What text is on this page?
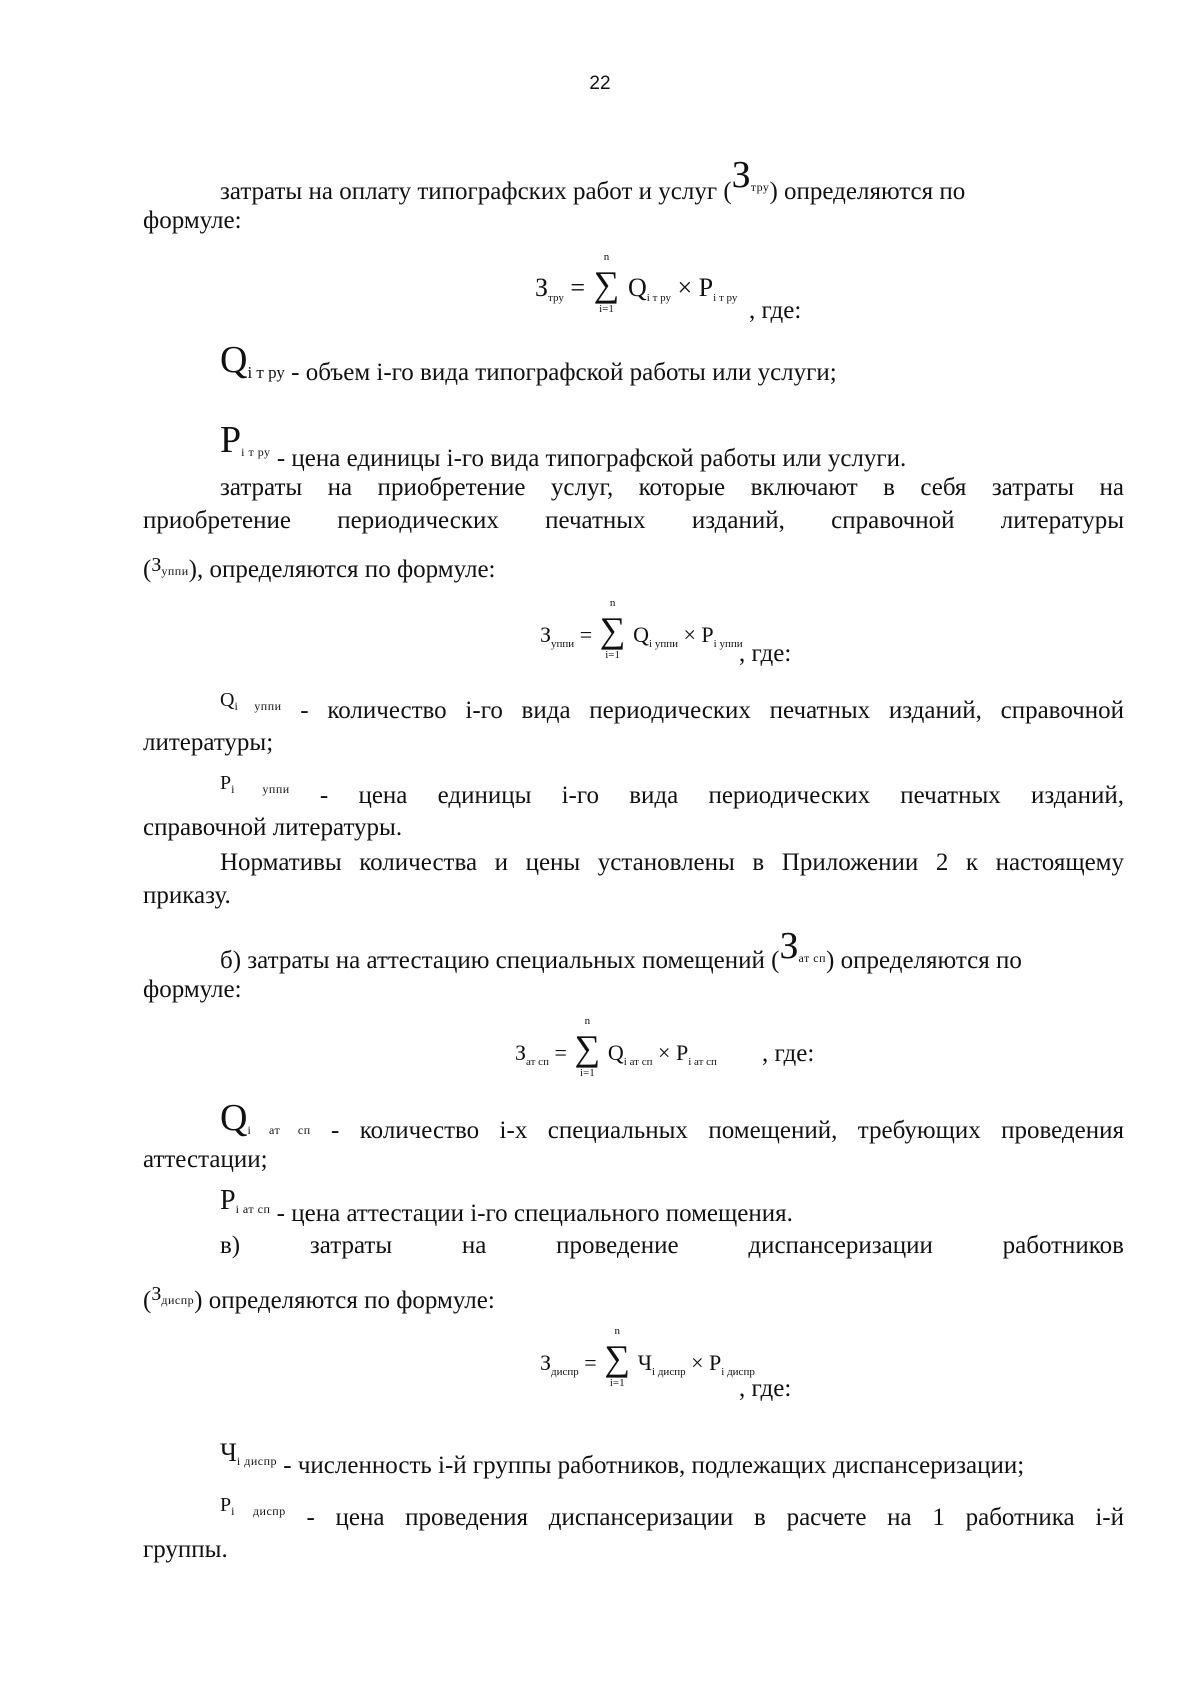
22
затраты на оплату типографских работ и услуг $(З_{тру})$ определяются по
формуле:
Зтру = ∑
n
i=1
Qi т ру × Pi т ру , где:
$Q_{i т ру}$ - объем i-го вида типографской работы или услуги;
$P_{i т ру}$ - цена единицы i-го вида типографской работы или услуги.
затраты на приобретение услуг, которые включают в себя затраты на
приобретение периодических печатных изданий, справочной литературы
$(З_{уппи})$, определяются по формуле:
$З_{уппи}$ = ∑
n
i=1
$Q_{i уппи} \times P_{i уппи}$
, где:
$Q_{i уппи}$ - количество i-го вида периодических печатных изданий, справочной
литературы;
$P_{i уппи}$ - цена единицы i-го вида периодических печатных изданий,
справочной литературы.
Нормативы количества и цены установлены в Приложении 2 к настоящему
приказу.
б) затраты на аттестацию специальных помещений $(З_{ат сп})$ определяются по
формуле:
$З_{ат сп}$ = ∑
n
i=1
$Q_{i ат сп} \times P_{i ат сп}$ , где:
$Q_{i ат сп}$ - количество i-х специальных помещений, требующих проведения
аттестации;
$P_{i ат сп}$ - цена аттестации i-го специального помещения.
в) затраты на проведение диспансеризации работников
$(З_{диспр})$ определяются по формуле:
$З_{диспр}$ = ∑
n
i=1
$Ч_{i диспр} \times P_{i диспр}$
, где:
$Ч_{i диспр}$ - численность i-й группы работников, подлежащих диспансеризации;
$P_{i диспр}$ - цена проведения диспансеризации в расчете на 1 работника i-й
группы.
